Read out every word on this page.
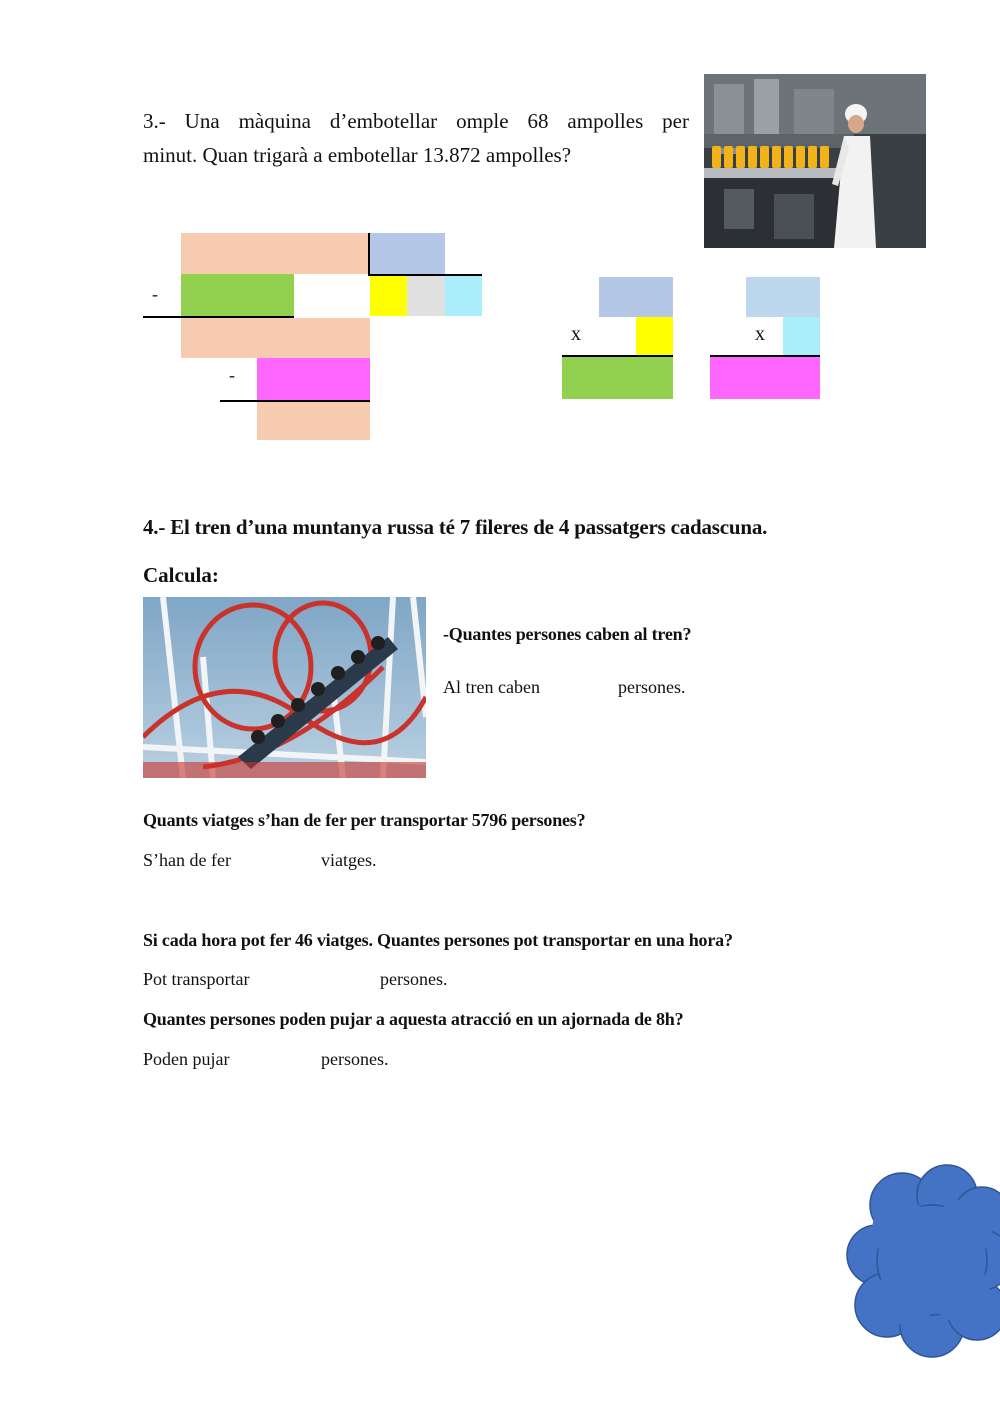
3.- Una màquina d’embotellar omple 68 ampolles per
minut. Quan trigarà a embotellar 13.872 ampolles?
-
-
x	x
4.- El tren d’una muntanya russa té 7 fileres de 4 passatgers cadascuna.
Calcula:
-Quantes persones caben al tren?
Al tren caben	persones.
Quants viatges s’han de fer per transportar 5796 persones?
S’han de fer	viatges.
Si cada hora pot fer 46 viatges. Quantes persones pot transportar en una hora?
Pot transportar	persones.
Quantes persones poden pujar a aquesta atracció en un ajornada de 8h?
Poden pujar	persones.
